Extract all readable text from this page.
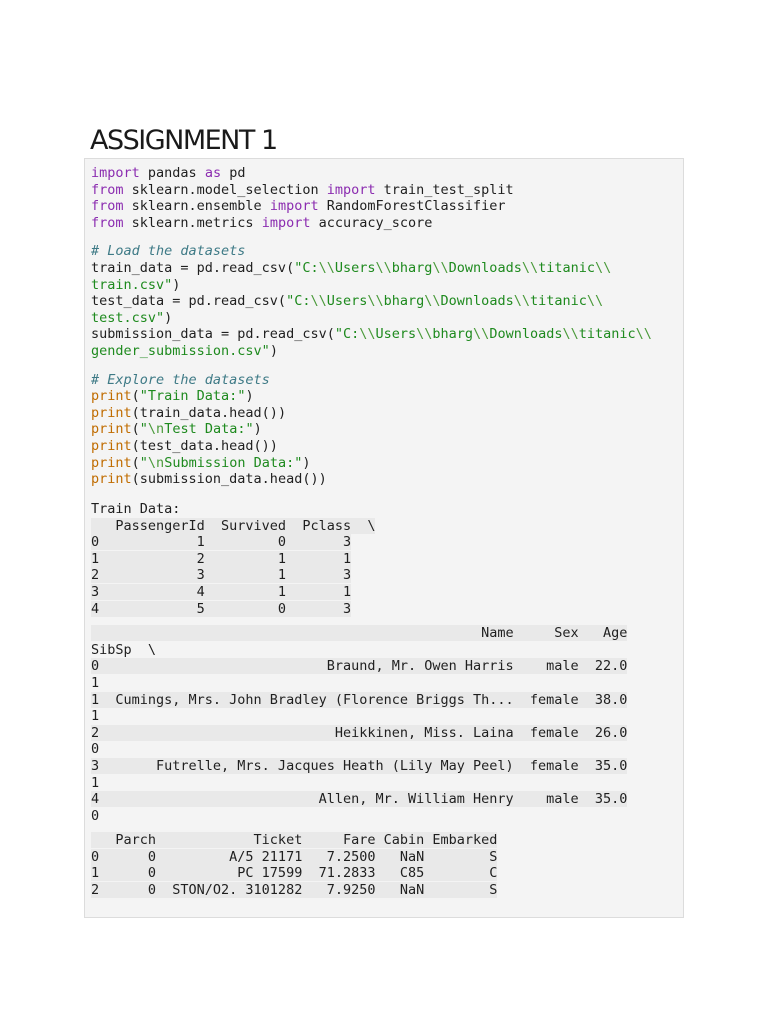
ASSIGNMENT 1
import pandas as pd
from sklearn.model_selection import train_test_split
from sklearn.ensemble import RandomForestClassifier
from sklearn.metrics import accuracy_score
# Load the datasets
train_data = pd.read_csv("C:\\Users\\bharg\\Downloads\\titanic\\
train.csv")
test_data = pd.read_csv("C:\\Users\\bharg\\Downloads\\titanic\\
test.csv")
submission_data = pd.read_csv("C:\\Users\\bharg\\Downloads\\titanic\\
gender_submission.csv")
# Explore the datasets
print("Train Data:")
print(train_data.head())
print("\nTest Data:")
print(test_data.head())
print("\nSubmission Data:")
print(submission_data.head())
Train Data:
PassengerId  Survived  Pclass  \
0            1         0       3
1            2         1       1
2            3         1       3
3            4         1       1
4            5         0       3
Name     Sex   Age
SibSp  \
0                            Braund, Mr. Owen Harris    male  22.0
1
1  Cumings, Mrs. John Bradley (Florence Briggs Th...  female  38.0
1
2                             Heikkinen, Miss. Laina  female  26.0
0
3       Futrelle, Mrs. Jacques Heath (Lily May Peel)  female  35.0
1
4                           Allen, Mr. William Henry    male  35.0
0
Parch            Ticket     Fare Cabin Embarked
0      0         A/5 21171   7.2500   NaN        S
1      0          PC 17599  71.2833   C85        C
2      0  STON/O2. 3101282   7.9250   NaN        S
